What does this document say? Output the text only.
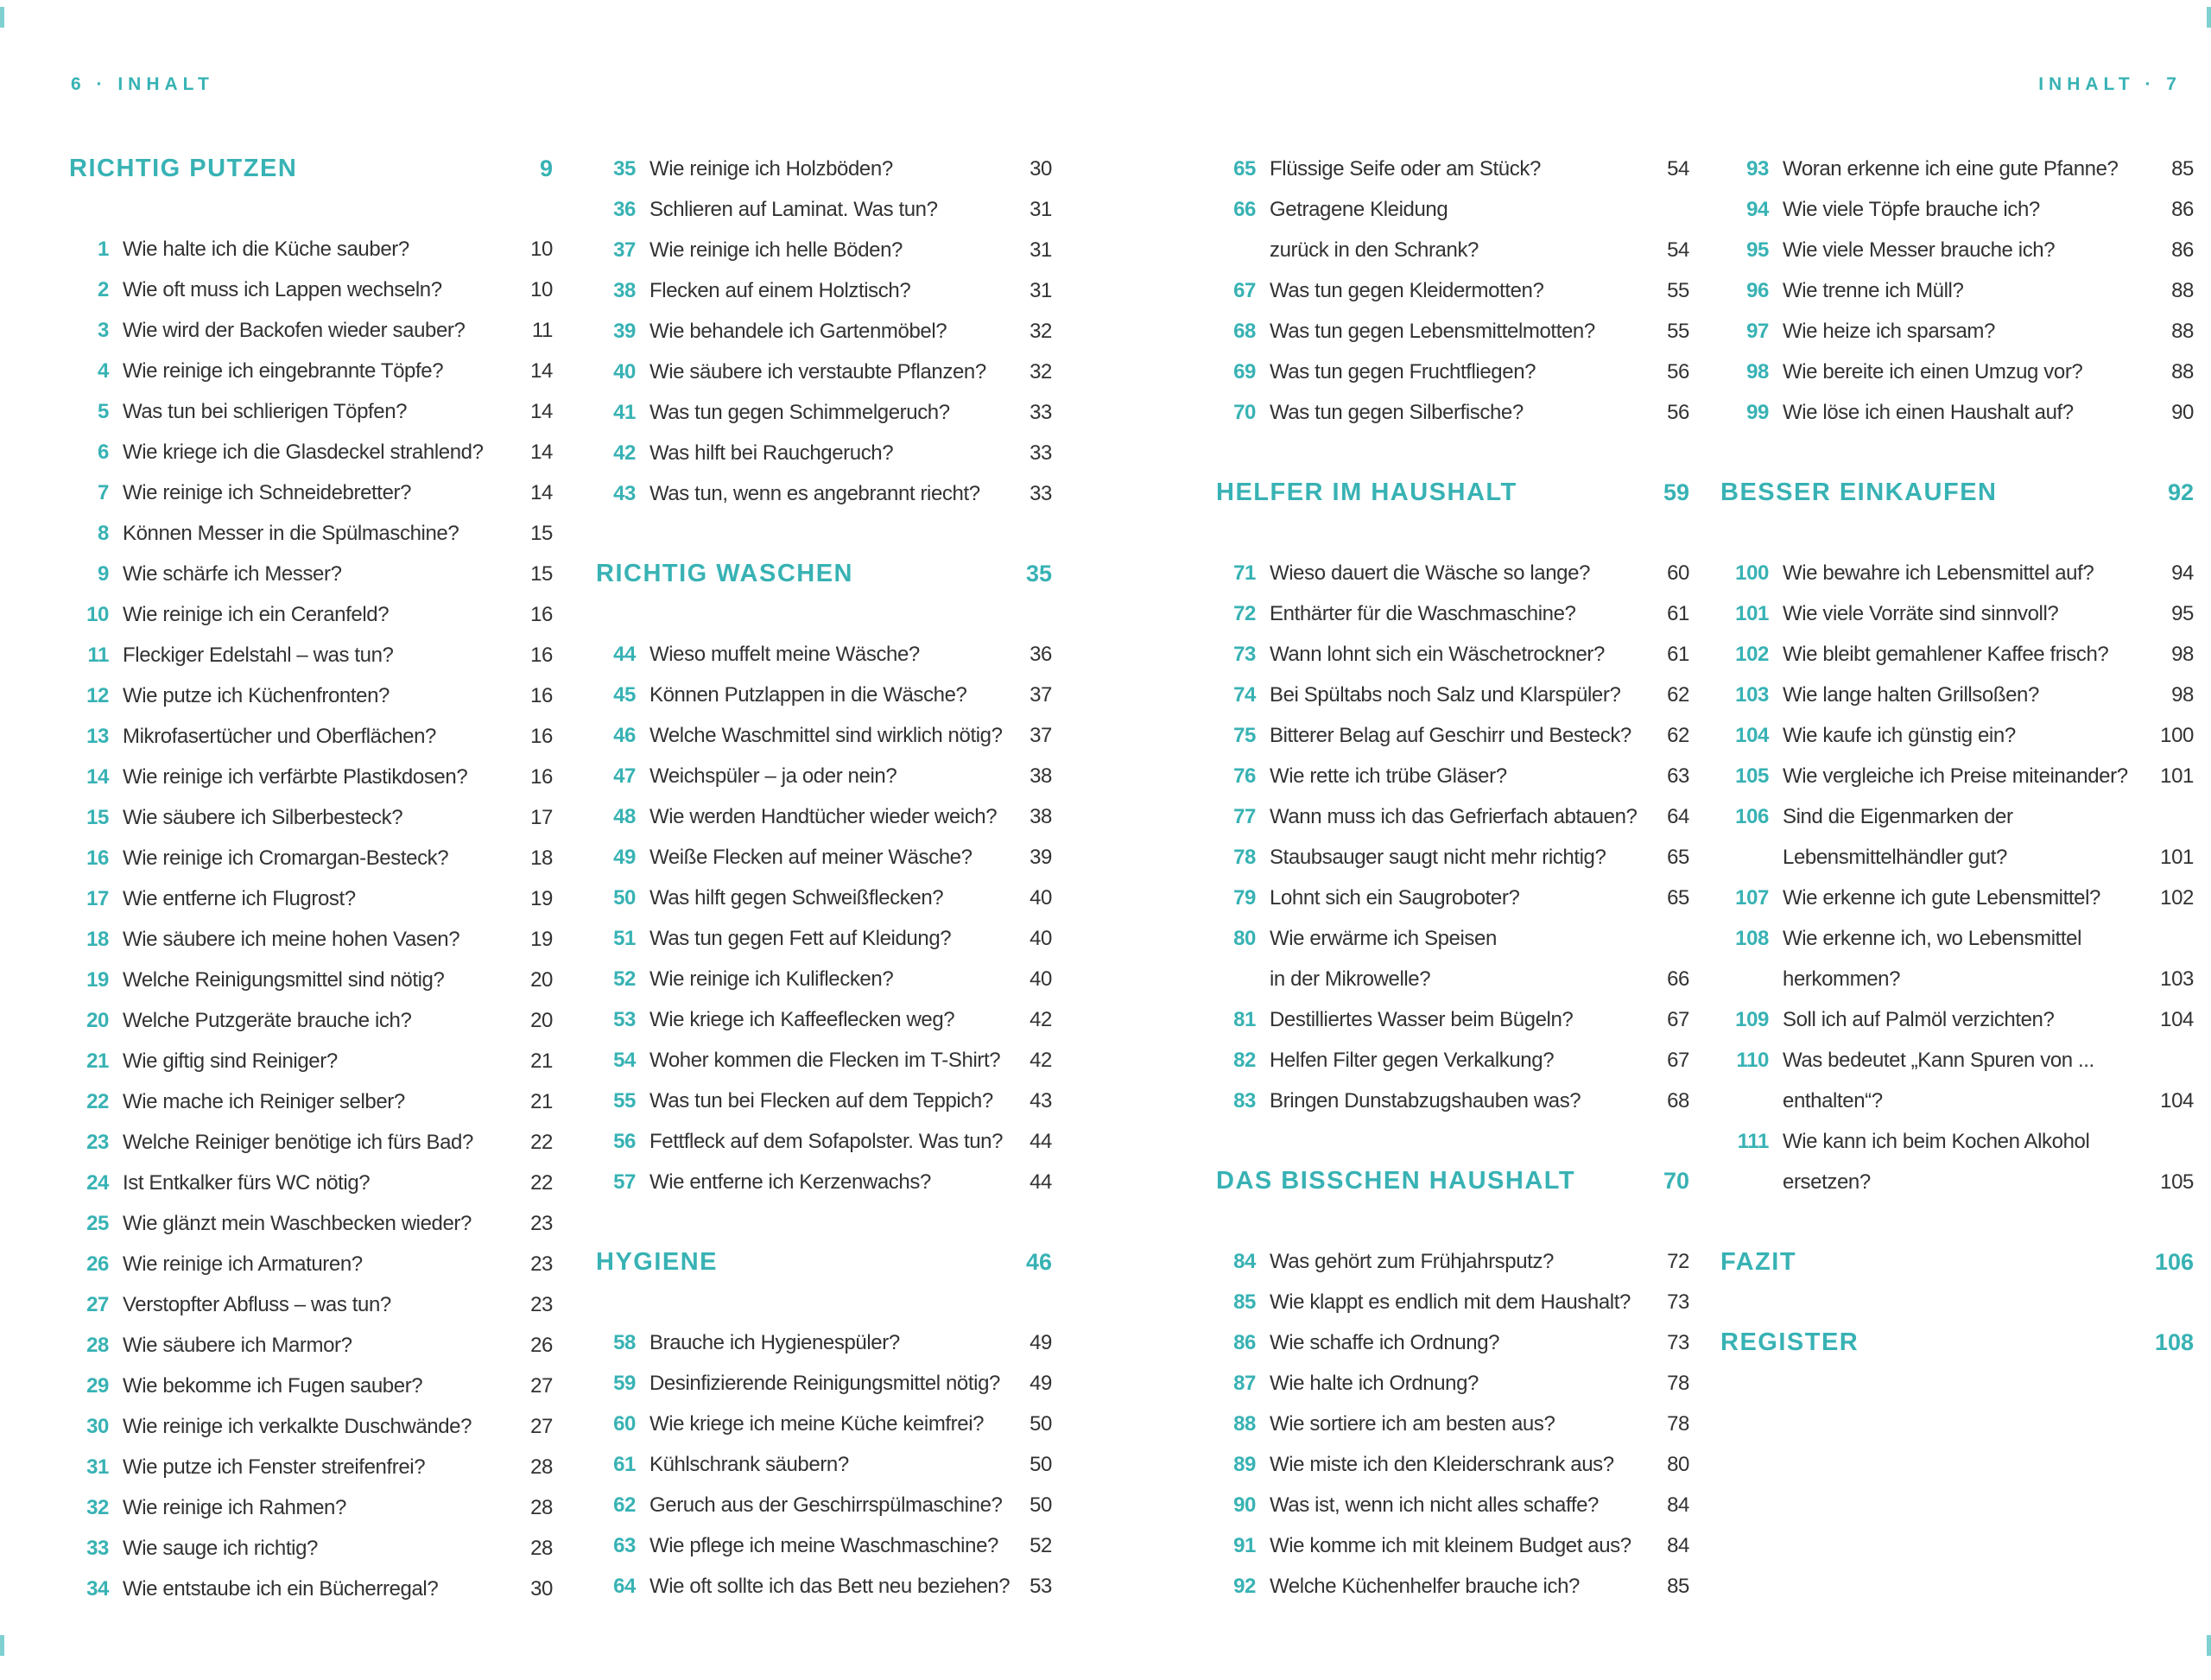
6 · INHALT	INHALT · 7
RICHTIG PUTZEN	9
1 Wie halte ich die Küche sauber?	10
2 Wie oft muss ich Lappen wechseln?	10
3 Wie wird der Backofen wieder sauber?	11
4 Wie reinige ich eingebrannte Töpfe?	14
5 Was tun bei schlierigen Töpfen?	14
6 Wie kriege ich die Glasdeckel strahlend?	14
7 Wie reinige ich Schneidebretter?	14
8 Können Messer in die Spülmaschine?	15
9 Wie schärfe ich Messer?	15
10 Wie reinige ich ein Ceranfeld?	16
11 Fleckiger Edelstahl – was tun?	16
12 Wie putze ich Küchenfronten?	16
13 Mikrofasertücher und Oberflächen?	16
14 Wie reinige ich verfärbte Plastikdosen?	16
15 Wie säubere ich Silberbesteck?	17
16 Wie reinige ich Cromargan-Besteck?	18
17 Wie entferne ich Flugrost?	19
18 Wie säubere ich meine hohen Vasen?	19
19 Welche Reinigungsmittel sind nötig?	20
20 Welche Putzgeräte brauche ich?	20
21 Wie giftig sind Reiniger?	21
22 Wie mache ich Reiniger selber?	21
23 Welche Reiniger benötige ich fürs Bad?	22
24 Ist Entkalker fürs WC nötig?	22
25 Wie glänzt mein Waschbecken wieder?	23
26 Wie reinige ich Armaturen?	23
27 Verstopfter Abfluss – was tun?	23
28 Wie säubere ich Marmor?	26
29 Wie bekomme ich Fugen sauber?	27
30 Wie reinige ich verkalkte Duschwände?	27
31 Wie putze ich Fenster streifenfrei?	28
32 Wie reinige ich Rahmen?	28
33 Wie sauge ich richtig?	28
34 Wie entstaube ich ein Bücherregal?	30
35 Wie reinige ich Holzböden?	30
36 Schlieren auf Laminat. Was tun?	31
37 Wie reinige ich helle Böden?	31
38 Flecken auf einem Holztisch?	31
39 Wie behandele ich Gartenmöbel?	32
40 Wie säubere ich verstaubte Pflanzen?	32
41 Was tun gegen Schimmelgeruch?	33
42 Was hilft bei Rauchgeruch?	33
43 Was tun, wenn es angebrannt riecht?	33
RICHTIG WASCHEN	35
44 Wieso muffelt meine Wäsche?	36
45 Können Putzlappen in die Wäsche?	37
46 Welche Waschmittel sind wirklich nötig?	37
47 Weichspüler – ja oder nein?	38
48 Wie werden Handtücher wieder weich?	38
49 Weiße Flecken auf meiner Wäsche?	39
50 Was hilft gegen Schweißflecken?	40
51 Was tun gegen Fett auf Kleidung?	40
52 Wie reinige ich Kuliflecken?	40
53 Wie kriege ich Kaffeeflecken weg?	42
54 Woher kommen die Flecken im T-Shirt?	42
55 Was tun bei Flecken auf dem Teppich?	43
56 Fettfleck auf dem Sofapolster. Was tun?	44
57 Wie entferne ich Kerzenwachs?	44
HYGIENE	46
58 Brauche ich Hygienespüler?	49
59 Desinfizierende Reinigungsmittel nötig?	49
60 Wie kriege ich meine Küche keimfrei?	50
61 Kühlschrank säubern?	50
62 Geruch aus der Geschirrspülmaschine?	50
63 Wie pflege ich meine Waschmaschine?	52
64 Wie oft sollte ich das Bett neu beziehen? 53
65 Flüssige Seife oder am Stück?	54
66 Getragene Kleidung
zurück in den Schrank?	54
67 Was tun gegen Kleidermotten?	55
68 Was tun gegen Lebensmittelmotten?	55
69 Was tun gegen Fruchtfliegen?	56
70 Was tun gegen Silberfische?	56
HELFER IM HAUSHALT	59
71 Wieso dauert die Wäsche so lange?	60
72 Enthärter für die Waschmaschine?	61
73 Wann lohnt sich ein Wäschetrockner?	61
74 Bei Spültabs noch Salz und Klarspüler?	62
75 Bitterer Belag auf Geschirr und Besteck?	62
76 Wie rette ich trübe Gläser?	63
77 Wann muss ich das Gefrierfach abtauen?	64
78 Staubsauger saugt nicht mehr richtig?	65
79 Lohnt sich ein Saugroboter?	65
80 Wie erwärme ich Speisen
in der Mikrowelle?	66
81 Destilliertes Wasser beim Bügeln?	67
82 Helfen Filter gegen Verkalkung?	67
83 Bringen Dunstabzugshauben was?	68
DAS BISSCHEN HAUSHALT	70
84 Was gehört zum Frühjahrsputz?	72
85 Wie klappt es endlich mit dem Haushalt?	73
86 Wie schaffe ich Ordnung?	73
87 Wie halte ich Ordnung?	78
88 Wie sortiere ich am besten aus?	78
89 Wie miste ich den Kleiderschrank aus?	80
90 Was ist, wenn ich nicht alles schaffe?	84
91 Wie komme ich mit kleinem Budget aus?	84
92 Welche Küchenhelfer brauche ich?	85
93 Woran erkenne ich eine gute Pfanne?	85
94 Wie viele Töpfe brauche ich?	86
95 Wie viele Messer brauche ich?	86
96 Wie trenne ich Müll?	88
97 Wie heize ich sparsam?	88
98 Wie bereite ich einen Umzug vor?	88
99 Wie löse ich einen Haushalt auf?	90
BESSER EINKAUFEN	92
100 Wie bewahre ich Lebensmittel auf?	94
101 Wie viele Vorräte sind sinnvoll?	95
102 Wie bleibt gemahlener Kaffee frisch?	98
103 Wie lange halten Grillsoßen?	98
104 Wie kaufe ich günstig ein?	100
105 Wie vergleiche ich Preise miteinander?	101
106 Sind die Eigenmarken der
Lebensmittelhändler gut?	101
107 Wie erkenne ich gute Lebensmittel?	102
108 Wie erkenne ich, wo Lebensmittel
herkommen?	103
109 Soll ich auf Palmöl verzichten?	104
110 Was bedeutet „Kann Spuren von ...
enthalten“?	104
111 Wie kann ich beim Kochen Alkohol
ersetzen?	105
FAZIT	106
REGISTER	108
